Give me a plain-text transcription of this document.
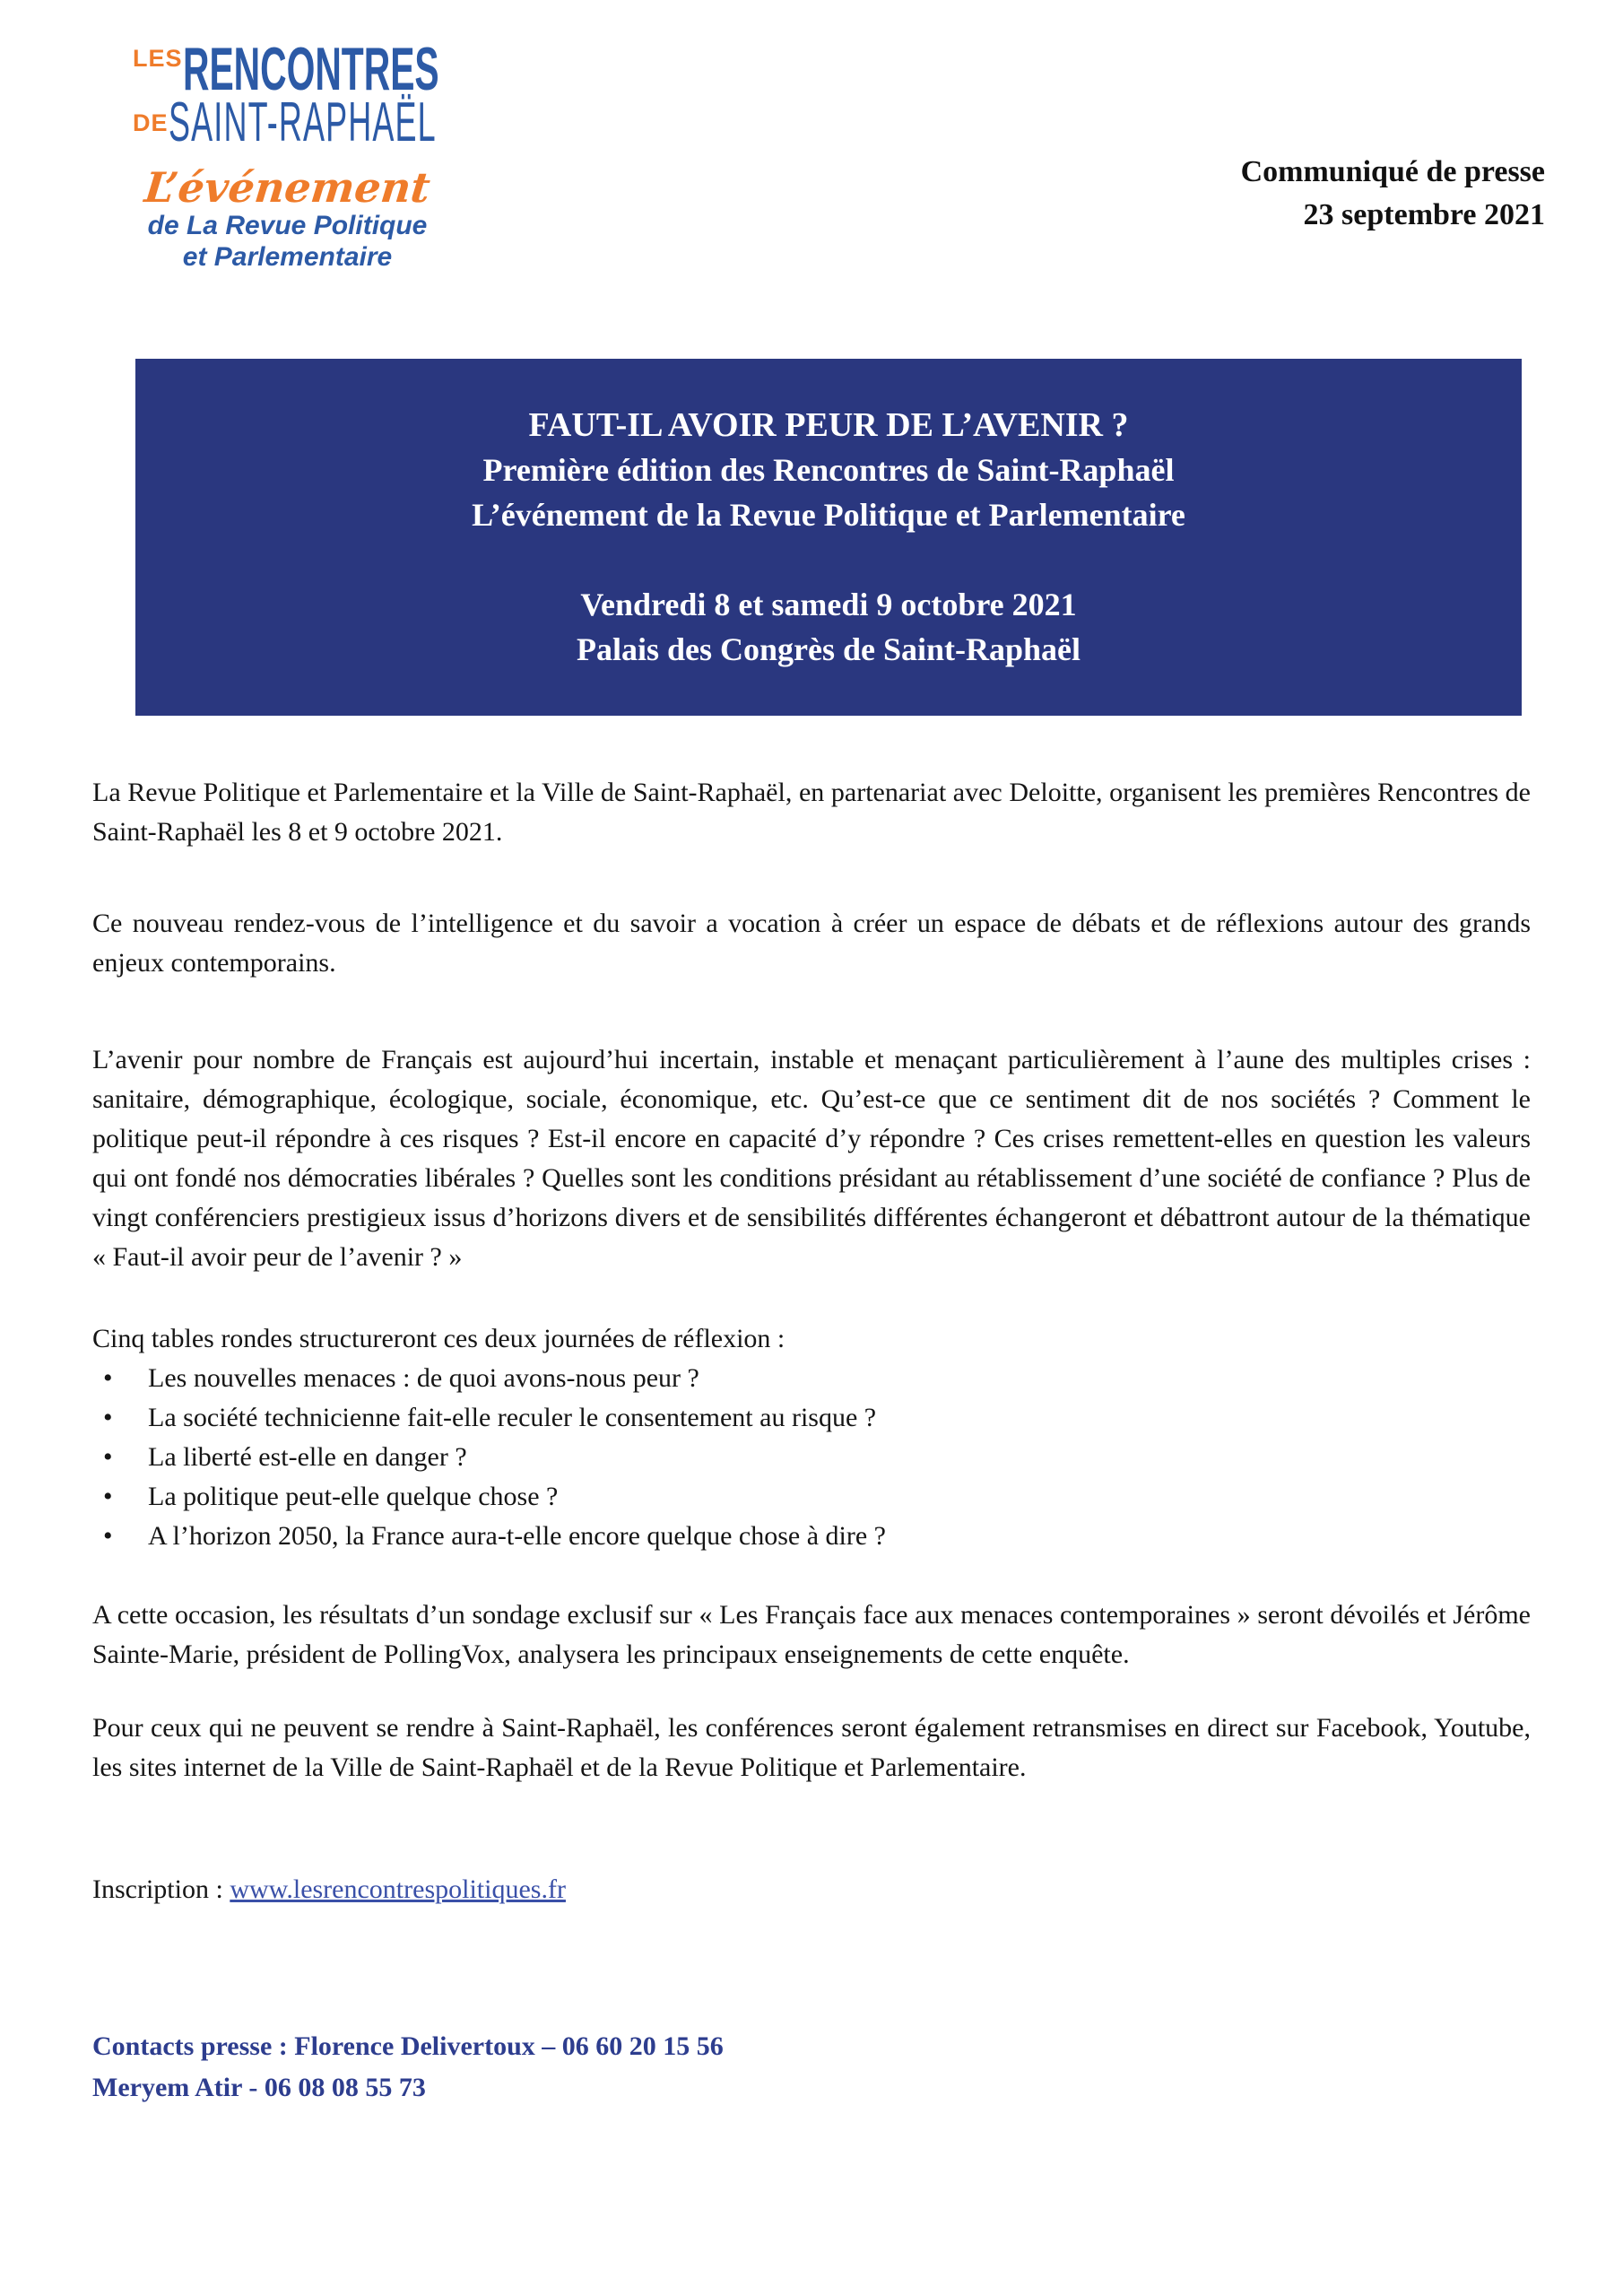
LES RENCONTRES
DE SAINT-RAPHAËL
L’événement
de La Revue Politique
et Parlementaire
Communiqué de presse
23 septembre 2021
FAUT-IL AVOIR PEUR DE L’AVENIR ?
Première édition des Rencontres de Saint-Raphaël
L’événement de la Revue Politique et Parlementaire
Vendredi 8 et samedi 9 octobre 2021
Palais des Congrès de Saint-Raphaël

La Revue Politique et Parlementaire et la Ville de Saint-Raphaël, en partenariat avec Deloitte, organisent les premières Rencontres de Saint-Raphaël les 8 et 9 octobre 2021.

Ce nouveau rendez-vous de l’intelligence et du savoir a vocation à créer un espace de débats et de réflexions autour des grands enjeux contemporains.

L’avenir pour nombre de Français est aujourd’hui incertain, instable et menaçant particulièrement à l’aune des multiples crises : sanitaire, démographique, écologique, sociale, économique, etc. Qu’est-ce que ce sentiment dit de nos sociétés ? Comment le politique peut-il répondre à ces risques ? Est-il encore en capacité d’y répondre ? Ces crises remettent-elles en question les valeurs qui ont fondé nos démocraties libérales ? Quelles sont les conditions présidant au rétablissement d’une société de confiance ? Plus de vingt conférenciers prestigieux issus d’horizons divers et de sensibilités différentes échangeront et débattront autour de la thématique « Faut-il avoir peur de l’avenir ? »

Cinq tables rondes structureront ces deux journées de réflexion :

• Les nouvelles menaces : de quoi avons-nous peur ?
• La société technicienne fait-elle reculer le consentement au risque ?
• La liberté est-elle en danger ?
• La politique peut-elle quelque chose ?
• A l’horizon 2050, la France aura-t-elle encore quelque chose à dire ?

A cette occasion, les résultats d’un sondage exclusif sur « Les Français face aux menaces contemporaines » seront dévoilés et Jérôme Sainte-Marie, président de PollingVox, analysera les principaux enseignements de cette enquête.

Pour ceux qui ne peuvent se rendre à Saint-Raphaël, les conférences seront également retransmises en direct sur Facebook, Youtube, les sites internet de la Ville de Saint-Raphaël et de la Revue Politique et Parlementaire.

Inscription : www.lesrencontrespolitiques.fr

Contacts presse : Florence Delivertoux – 06 60 20 15 56
Meryem Atir - 06 08 08 55 73
